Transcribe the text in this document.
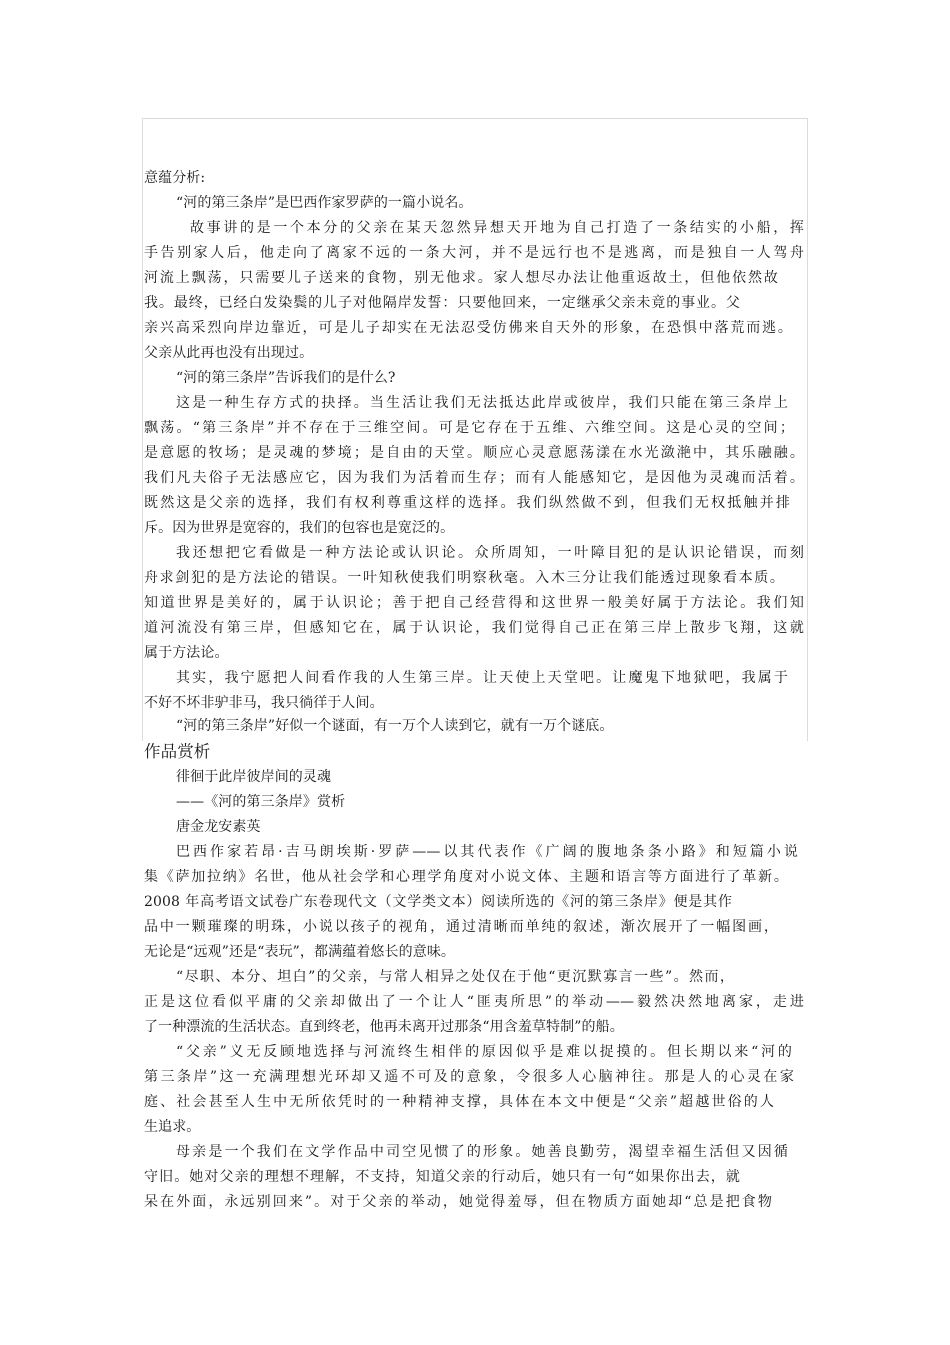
意蕴分析:
“河的第三条岸”是巴西作家罗萨的一篇小说名。
故事讲的是一个本分的父亲在某天忽然异想天开地为自己打造了一条结实的小船，挥
手告别家人后，他走向了离家不远的一条大河，并不是远行也不是逃离，而是独自一人驾舟
河流上飘荡，只需要儿子送来的食物，别无他求。家人想尽办法让他重返故土，但他依然故
我。最终，已经白发染鬓的儿子对他隔岸发誓：只要他回来，一定继承父亲未竟的事业。父
亲兴高采烈向岸边靠近，可是儿子却实在无法忍受仿佛来自天外的形象，在恐惧中落荒而逃。
父亲从此再也没有出现过。
“河的第三条岸”告诉我们的是什么?
这是一种生存方式的抉择。当生活让我们无法抵达此岸或彼岸，我们只能在第三条岸上
飘荡。“第三条岸”并不存在于三维空间。可是它存在于五维、六维空间。这是心灵的空间；
是意愿的牧场；是灵魂的梦境；是自由的天堂。顺应心灵意愿荡漾在水光潋滟中，其乐融融。
我们凡夫俗子无法感应它，因为我们为活着而生存；而有人能感知它，是因他为灵魂而活着。
既然这是父亲的选择，我们有权利尊重这样的选择。我们纵然做不到，但我们无权抵触并排
斥。因为世界是宽容的，我们的包容也是宽泛的。
我还想把它看做是一种方法论或认识论。众所周知，一叶障目犯的是认识论错误，而刻
舟求剑犯的是方法论的错误。一叶知秋使我们明察秋毫。入木三分让我们能透过现象看本质。
知道世界是美好的，属于认识论；善于把自己经营得和这世界一般美好属于方法论。我们知
道河流没有第三岸，但感知它在，属于认识论，我们觉得自己正在第三岸上散步飞翔，这就
属于方法论。
其实，我宁愿把人间看作我的人生第三岸。让天使上天堂吧。让魔鬼下地狱吧，我属于
不好不坏非驴非马，我只徜徉于人间。
“河的第三条岸”好似一个谜面，有一万个人读到它，就有一万个谜底。
作品赏析
徘徊于此岸彼岸间的灵魂
——《河的第三条岸》赏析
唐金龙安素英
巴西作家若昂·吉马朗埃斯·罗萨——以其代表作《广阔的腹地条条小路》和短篇小说
集《萨加拉纳》名世，他从社会学和心理学角度对小说文体、主题和语言等方面进行了革新。
2008 年高考语文试卷广东卷现代文（文学类文本）阅读所选的《河的第三条岸》便是其作
品中一颗璀璨的明珠，小说以孩子的视角，通过清晰而单纯的叙述，渐次展开了一幅图画，
无论是“远观”还是“表玩”，都满蕴着悠长的意味。
“尽职、本分、坦白”的父亲，与常人相异之处仅在于他“更沉默寡言一些”。然而，
正是这位看似平庸的父亲却做出了一个让人“匪夷所思”的举动——毅然决然地离家，走进
了一种漂流的生活状态。直到终老，他再未离开过那条“用含羞草特制”的船。
“父亲”义无反顾地选择与河流终生相伴的原因似乎是难以捉摸的。但长期以来“河的
第三条岸”这一充满理想光环却又遥不可及的意象，令很多人心脑神往。那是人的心灵在家
庭、社会甚至人生中无所依凭时的一种精神支撑，具体在本文中便是“父亲”超越世俗的人
生追求。
母亲是一个我们在文学作品中司空见惯了的形象。她善良勤劳，渴望幸福生活但又因循
守旧。她对父亲的理想不理解，不支持，知道父亲的行动后，她只有一句“如果你出去，就
呆在外面，永远别回来”。对于父亲的举动，她觉得羞辱，但在物质方面她却“总是把食物
